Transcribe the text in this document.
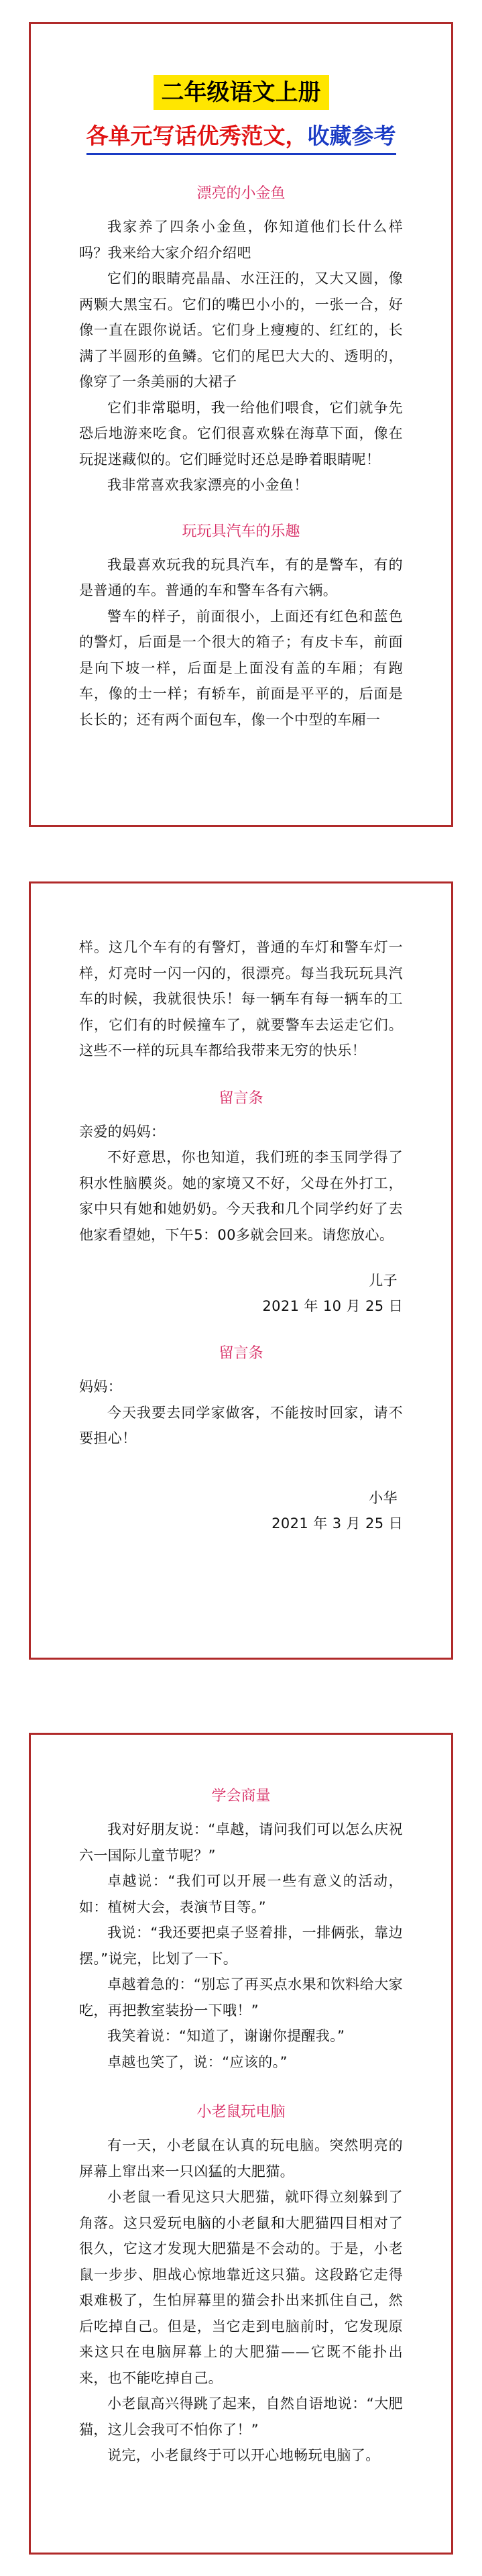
二年级语文上册
各单元写话优秀范文，收藏参考
漂亮的小金鱼

我家养了四条小金鱼，你知道他们长什么样吗？我来给大家介绍介绍吧

它们的眼睛亮晶晶、水汪汪的，又大又圆，像两颗大黑宝石。它们的嘴巴小小的，一张一合，好像一直在跟你说话。它们身上瘦瘦的、红红的，长满了半圆形的鱼鳞。它们的尾巴大大的、透明的，像穿了一条美丽的大裙子

它们非常聪明，我一给他们喂食，它们就争先恐后地游来吃食。它们很喜欢躲在海草下面，像在玩捉迷藏似的。它们睡觉时还总是睁着眼睛呢！

我非常喜欢我家漂亮的小金鱼！

玩玩具汽车的乐趣

我最喜欢玩我的玩具汽车，有的是警车，有的是普通的车。普通的车和警车各有六辆。

警车的样子，前面很小，上面还有红色和蓝色的警灯，后面是一个很大的箱子；有皮卡车，前面是向下坡一样，后面是上面没有盖的车厢；有跑车，像的士一样；有轿车，前面是平平的，后面是长长的；还有两个面包车，像一个中型的车厢一

样。这几个车有的有警灯，普通的车灯和警车灯一样，灯亮时一闪一闪的，很漂亮。每当我玩玩具汽车的时候，我就很快乐！每一辆车有每一辆车的工作，它们有的时候撞车了，就要警车去运走它们。这些不一样的玩具车都给我带来无穷的快乐！

留言条

亲爱的妈妈：

不好意思，你也知道，我们班的李玉同学得了积水性脑膜炎。她的家境又不好，父母在外打工，家中只有她和她奶奶。今天我和几个同学约好了去他家看望她，下午5：00多就会回来。请您放心。

儿子

2021 年 10 月 25 日

留言条

妈妈：

今天我要去同学家做客，不能按时回家，请不要担心！

小华

2021 年 3 月 25 日

学会商量

我对好朋友说：“卓越，请问我们可以怎么庆祝六一国际儿童节呢？”

卓越说：“我们可以开展一些有意义的活动，如：植树大会，表演节目等。”

我说：“我还要把桌子竖着排，一排俩张，靠边摆。”说完，比划了一下。

卓越着急的：“别忘了再买点水果和饮料给大家吃，再把教室装扮一下哦！”

我笑着说：“知道了，谢谢你提醒我。”

卓越也笑了，说：“应该的。”

小老鼠玩电脑

有一天，小老鼠在认真的玩电脑。突然明亮的屏幕上窜出来一只凶猛的大肥猫。

小老鼠一看见这只大肥猫，就吓得立刻躲到了角落。这只爱玩电脑的小老鼠和大肥猫四目相对了很久，它这才发现大肥猫是不会动的。于是，小老鼠一步步、胆战心惊地靠近这只猫。这段路它走得艰难极了，生怕屏幕里的猫会扑出来抓住自己，然后吃掉自己。但是，当它走到电脑前时，它发现原来这只在电脑屏幕上的大肥猫——它既不能扑出来，也不能吃掉自己。

小老鼠高兴得跳了起来，自然自语地说：“大肥猫，这儿会我可不怕你了！”

说完，小老鼠终于可以开心地畅玩电脑了。
